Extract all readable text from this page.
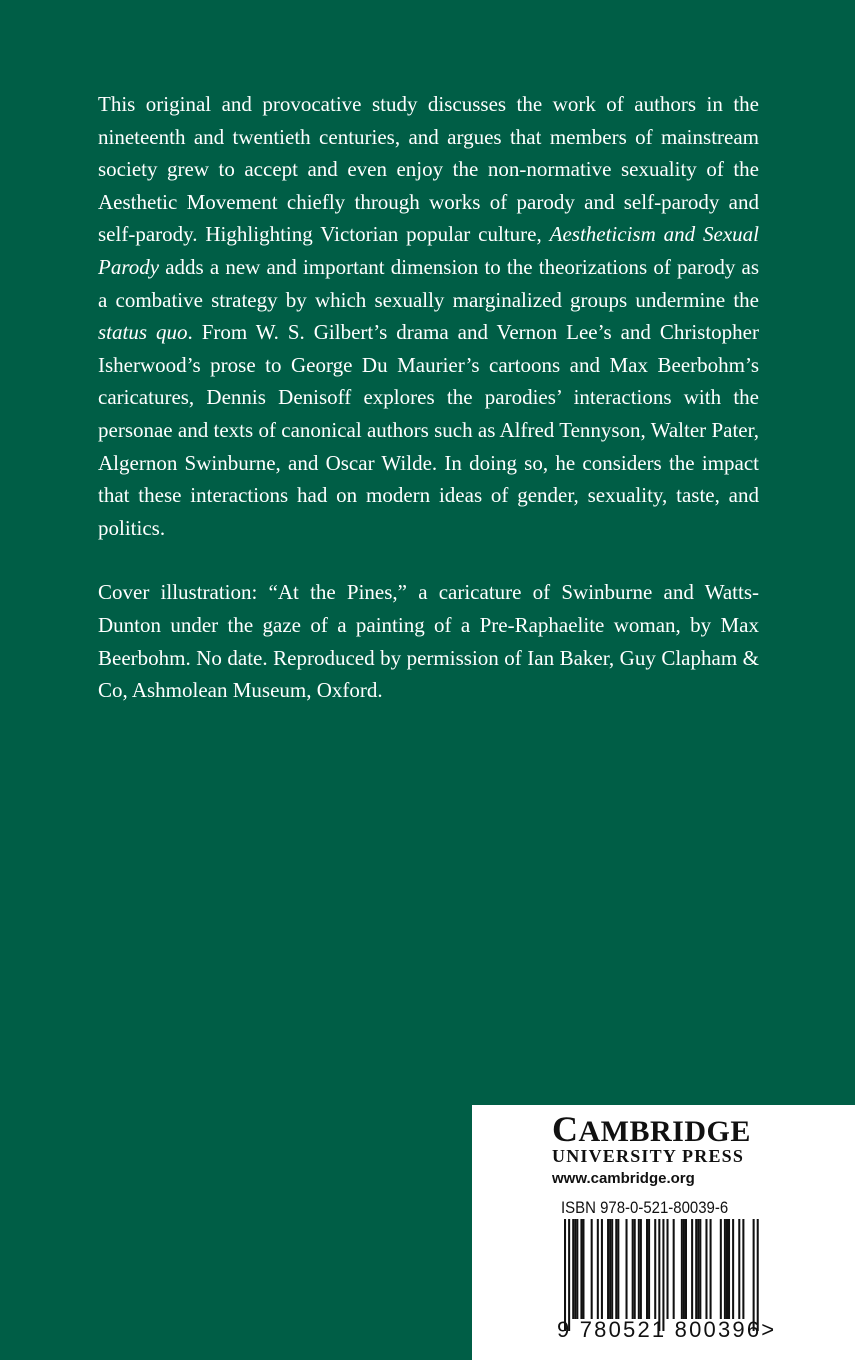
This original and provocative study discusses the work of authors in the nineteenth and twentieth centuries, and argues that members of mainstream society grew to accept and even enjoy the non-normative sexuality of the Aesthetic Movement chiefly through works of parody and self-parody and self-parody. Highlighting Victorian popular culture, Aestheticism and Sexual Parody adds a new and important dimension to the theorizations of parody as a combative strategy by which sexually marginalized groups undermine the status quo. From W. S. Gilbert’s drama and Vernon Lee’s and Christopher Isherwood’s prose to George Du Maurier’s cartoons and Max Beerbohm’s caricatures, Dennis Denisoff explores the parodies’ interactions with the personae and texts of canonical authors such as Alfred Tennyson, Walter Pater, Algernon Swinburne, and Oscar Wilde. In doing so, he considers the impact that these interactions had on modern ideas of gender, sexuality, taste, and politics.

Cover illustration: “At the Pines,” a caricature of Swinburne and Watts-Dunton under the gaze of a painting of a Pre-Raphaelite woman, by Max Beerbohm. No date. Reproduced by permission of Ian Baker, Guy Clapham & Co, Ashmolean Museum, Oxford.

CAMBRIDGE
UNIVERSITY PRESS
www.cambridge.org
ISBN 978-0-521-80039-6
9 780521 800396>
